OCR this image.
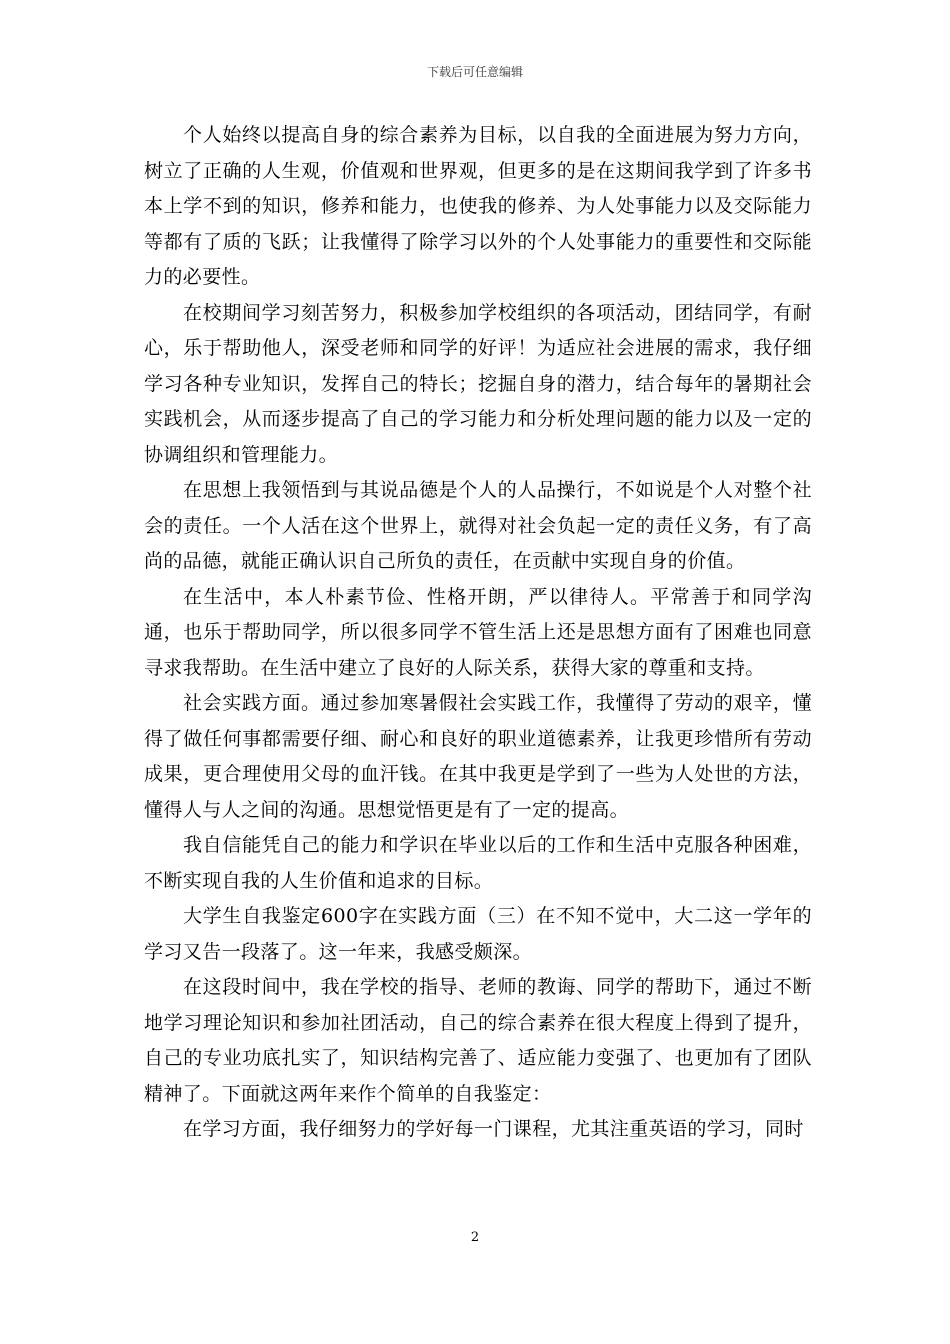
下载后可任意编辑

个人始终以提高自身的综合素养为目标，以自我的全面进展为努力方向，树立了正确的人生观，价值观和世界观，但更多的是在这期间我学到了许多书本上学不到的知识，修养和能力，也使我的修养、为人处事能力以及交际能力等都有了质的飞跃；让我懂得了除学习以外的个人处事能力的重要性和交际能力的必要性。

在校期间学习刻苦努力，积极参加学校组织的各项活动，团结同学，有耐心，乐于帮助他人，深受老师和同学的好评！为适应社会进展的需求，我仔细学习各种专业知识，发挥自己的特长；挖掘自身的潜力，结合每年的暑期社会实践机会，从而逐步提高了自己的学习能力和分析处理问题的能力以及一定的协调组织和管理能力。

在思想上我领悟到与其说品德是个人的人品操行，不如说是个人对整个社会的责任。一个人活在这个世界上，就得对社会负起一定的责任义务，有了高尚的品德，就能正确认识自己所负的责任，在贡献中实现自身的价值。

在生活中，本人朴素节俭、性格开朗，严以律待人。平常善于和同学沟通，也乐于帮助同学，所以很多同学不管生活上还是思想方面有了困难也同意寻求我帮助。在生活中建立了良好的人际关系，获得大家的尊重和支持。

社会实践方面。通过参加寒暑假社会实践工作，我懂得了劳动的艰辛，懂得了做任何事都需要仔细、耐心和良好的职业道德素养，让我更珍惜所有劳动成果，更合理使用父母的血汗钱。在其中我更是学到了一些为人处世的方法，懂得人与人之间的沟通。思想觉悟更是有了一定的提高。

我自信能凭自己的能力和学识在毕业以后的工作和生活中克服各种困难，不断实现自我的人生价值和追求的目标。

大学生自我鉴定600字在实践方面（三）在不知不觉中，大二这一学年的学习又告一段落了。这一年来，我感受颇深。

在这段时间中，我在学校的指导、老师的教诲、同学的帮助下，通过不断地学习理论知识和参加社团活动，自己的综合素养在很大程度上得到了提升，自己的专业功底扎实了，知识结构完善了、适应能力变强了、也更加有了团队精神了。下面就这两年来作个简单的自我鉴定：

在学习方面，我仔细努力的学好每一门课程，尤其注重英语的学习，同时

2
